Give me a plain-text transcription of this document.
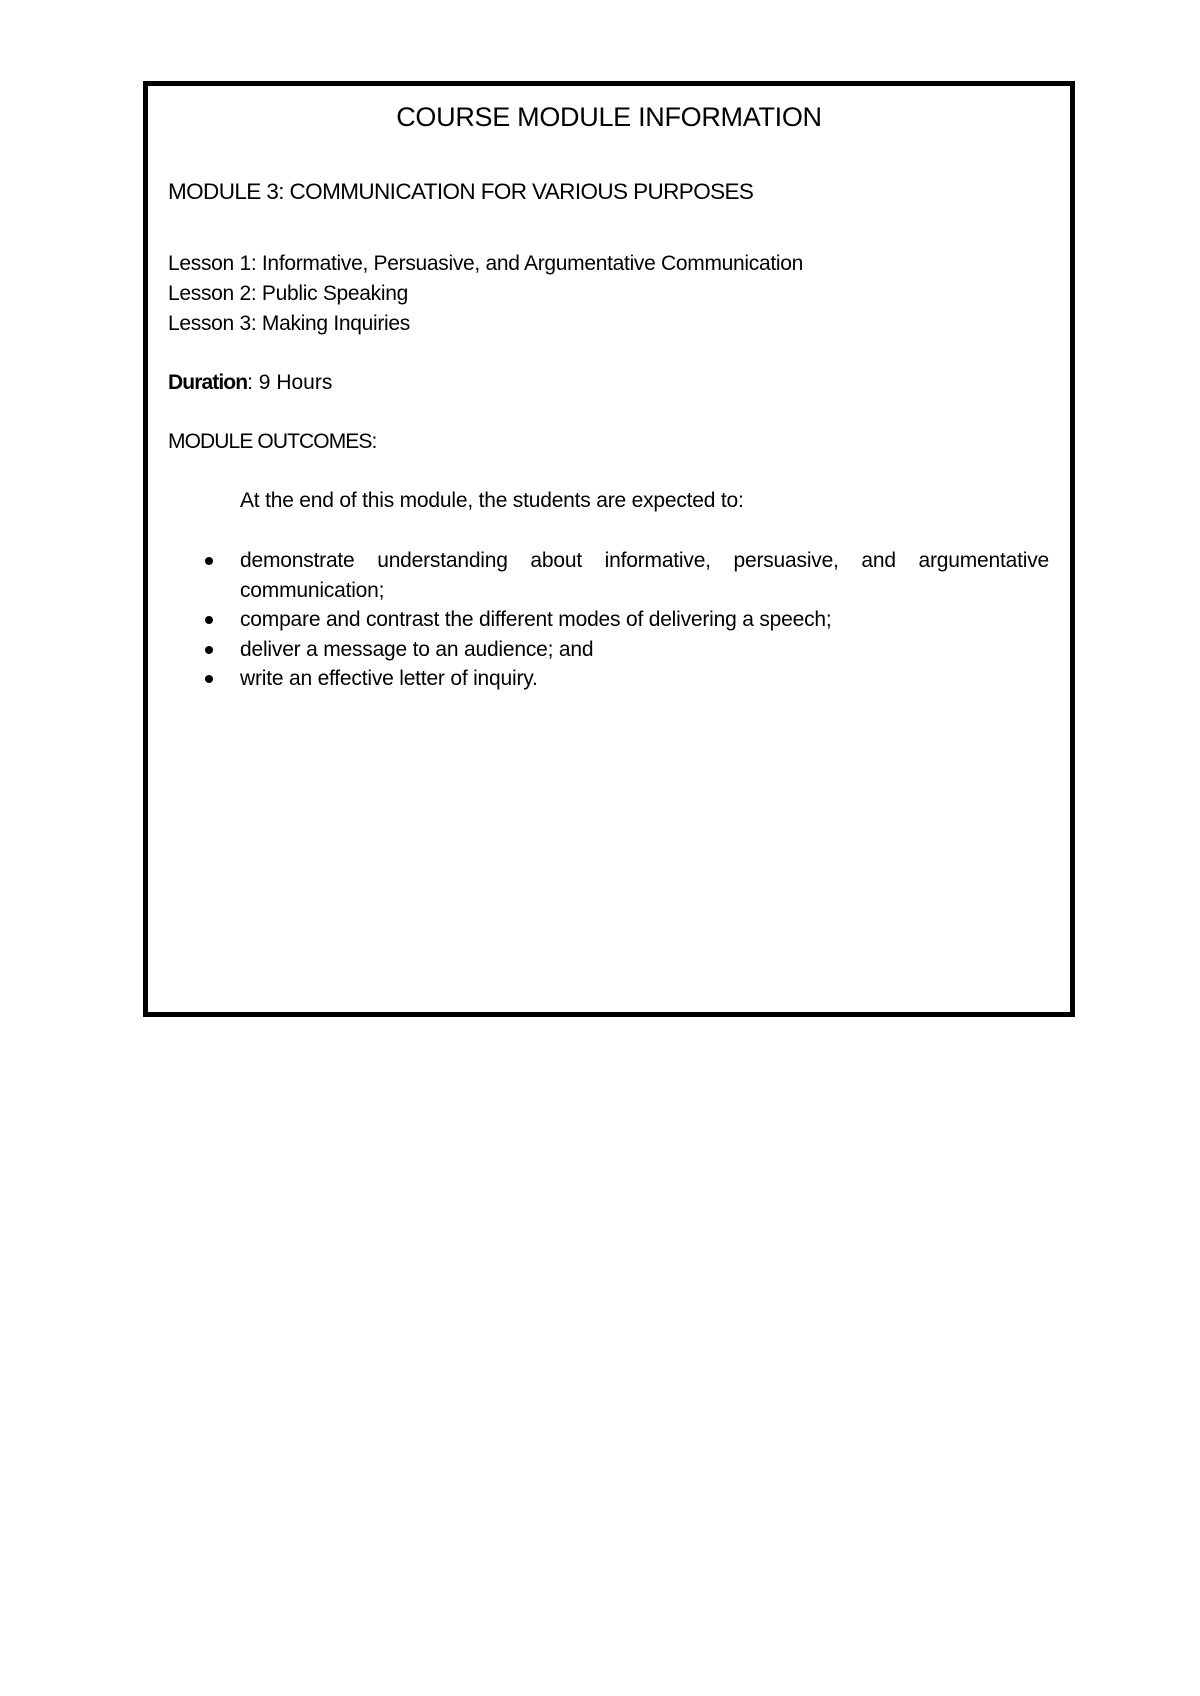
COURSE MODULE INFORMATION
MODULE 3: COMMUNICATION FOR VARIOUS PURPOSES
Lesson 1: Informative, Persuasive, and Argumentative Communication
Lesson 2: Public Speaking
Lesson 3: Making Inquiries
Duration: 9 Hours
MODULE OUTCOMES:
At the end of this module, the students are expected to:
demonstrate understanding about informative, persuasive, and argumentative communication;
compare and contrast the different modes of delivering a speech;
deliver a message to an audience; and
write an effective letter of inquiry.
